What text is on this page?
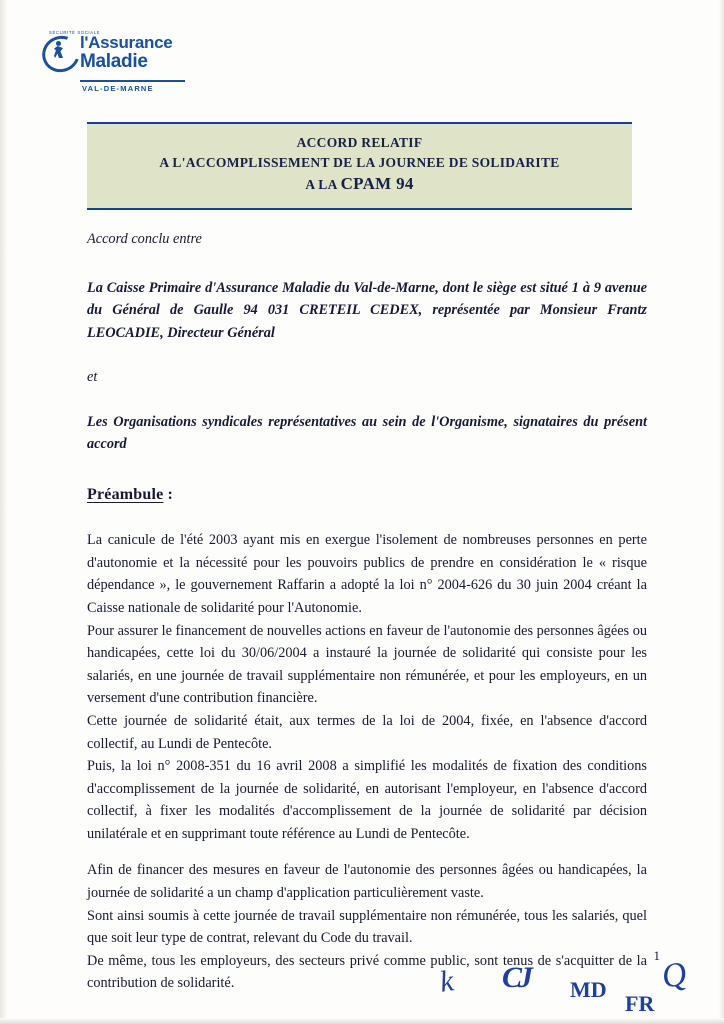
SÉCURITÉ SOCIALE
l'Assurance
Maladie
VAL-DE-MARNE
ACCORD RELATIF
A L'ACCOMPLISSEMENT DE LA JOURNEE DE SOLIDARITE
A LA CPAM 94

Accord conclu entre

La Caisse Primaire d'Assurance Maladie du Val-de-Marne, dont le siège est situé 1 à 9 avenue du Général de Gaulle 94 031 CRETEIL CEDEX, représentée par Monsieur Frantz LEOCADIE, Directeur Général

et

Les Organisations syndicales représentatives au sein de l'Organisme, signataires du présent accord

Préambule :

La canicule de l'été 2003 ayant mis en exergue l'isolement de nombreuses personnes en perte d'autonomie et la nécessité pour les pouvoirs publics de prendre en considération le « risque dépendance », le gouvernement Raffarin a adopté la loi n° 2004-626 du 30 juin 2004 créant la Caisse nationale de solidarité pour l'Autonomie.

Pour assurer le financement de nouvelles actions en faveur de l'autonomie des personnes âgées ou handicapées, cette loi du 30/06/2004 a instauré la journée de solidarité qui consiste pour les salariés, en une journée de travail supplémentaire non rémunérée, et pour les employeurs, en un versement d'une contribution financière.

Cette journée de solidarité était, aux termes de la loi de 2004, fixée, en l'absence d'accord collectif, au Lundi de Pentecôte.

Puis, la loi n° 2008-351 du 16 avril 2008 a simplifié les modalités de fixation des conditions d'accomplissement de la journée de solidarité, en autorisant l'employeur, en l'absence d'accord collectif, à fixer les modalités d'accomplissement de la journée de solidarité par décision unilatérale et en supprimant toute référence au Lundi de Pentecôte.

Afin de financer des mesures en faveur de l'autonomie des personnes âgées ou handicapées, la journée de solidarité a un champ d'application particulièrement vaste.

Sont ainsi soumis à cette journée de travail supplémentaire non rémunérée, tous les salariés, quel que soit leur type de contrat, relevant du Code du travail.

De même, tous les employeurs, des secteurs privé comme public, sont tenus de s'acquitter de la contribution de solidarité.

1
k CJ MD
FR
Q
